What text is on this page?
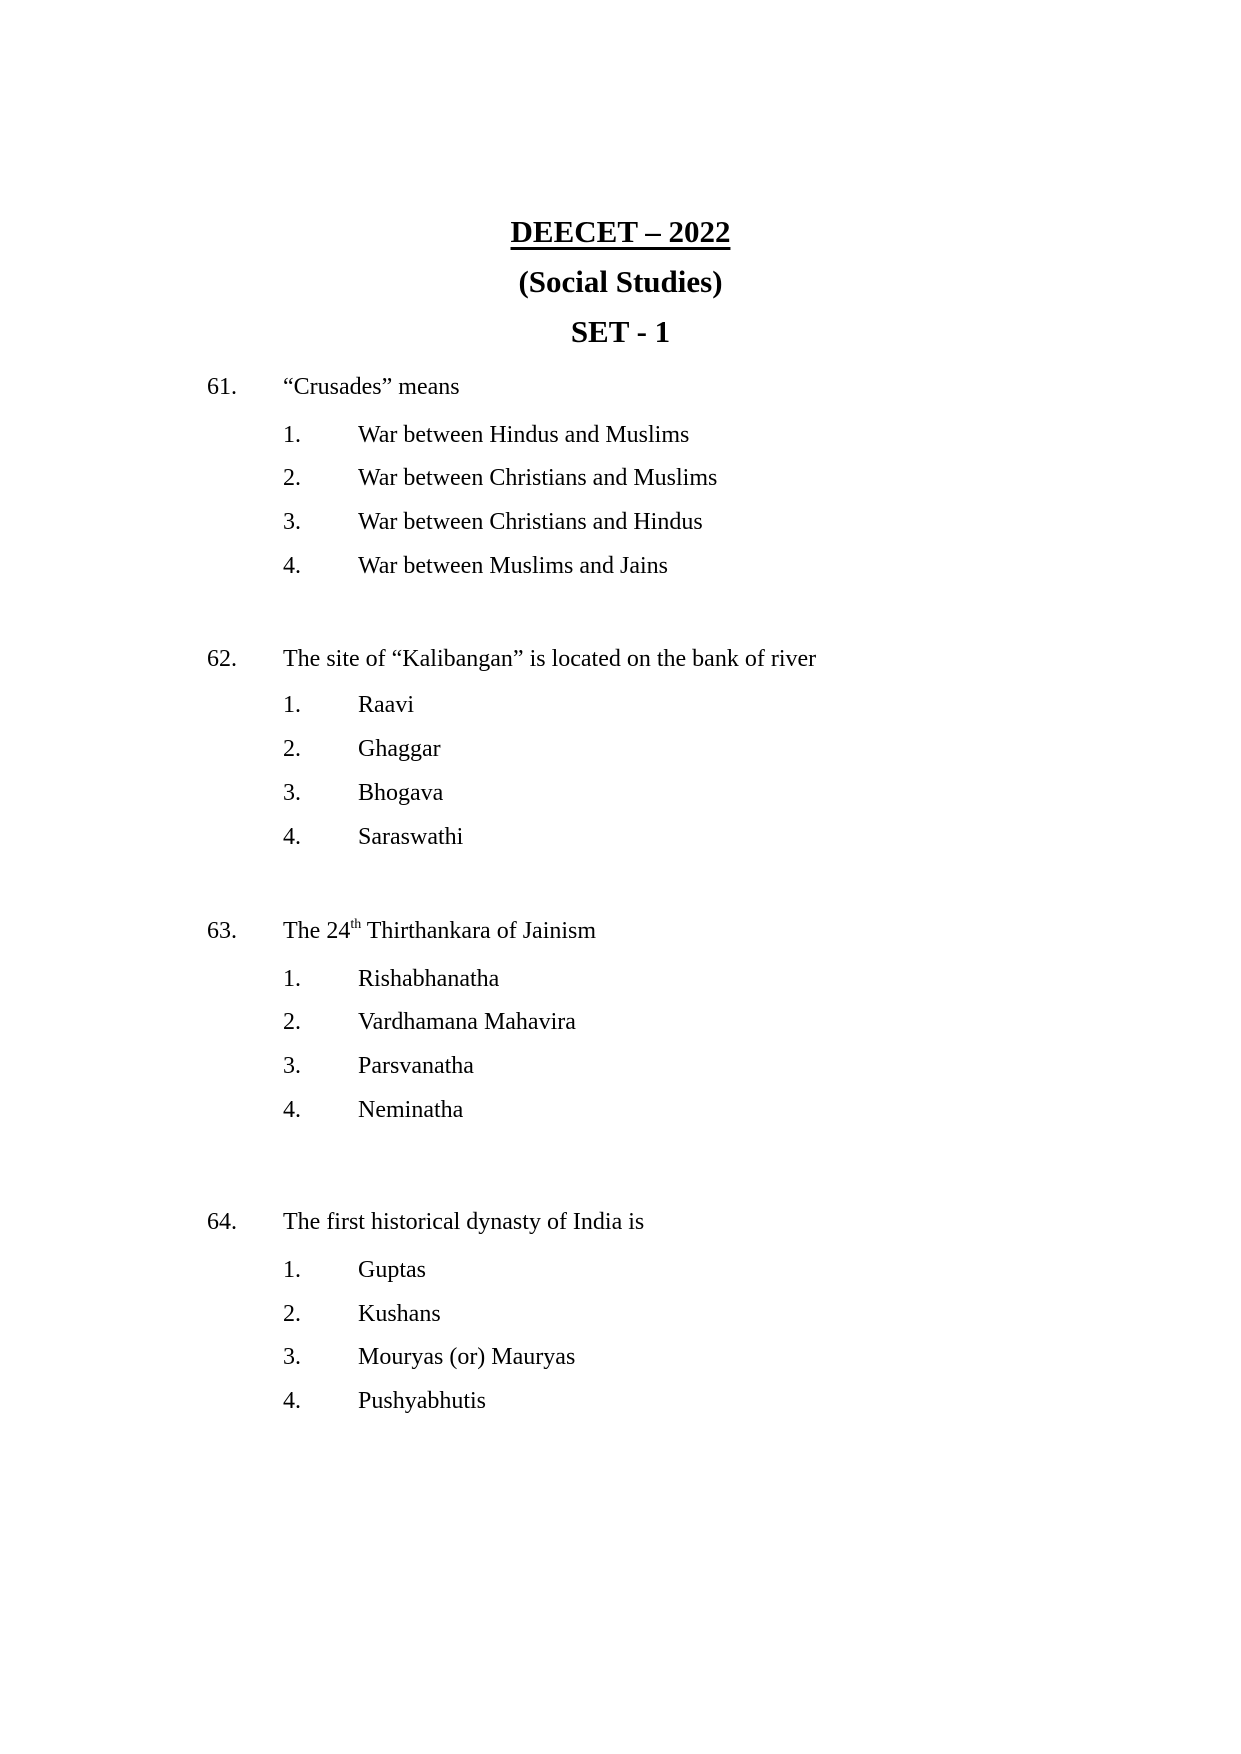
DEECET – 2022
(Social Studies)
SET - 1
61. “Crusades” means
1. War between Hindus and Muslims
2. War between Christians and Muslims
3. War between Christians and Hindus
4. War between Muslims and Jains
62. The site of “Kalibangan” is located on the bank of river
1. Raavi
2. Ghaggar
3. Bhogava
4. Saraswathi
63. The 24th Thirthankara of Jainism
1. Rishabhanatha
2. Vardhamana Mahavira
3. Parsvanatha
4. Neminatha
64. The first historical dynasty of India is
1. Guptas
2. Kushans
3. Mouryas (or) Mauryas
4. Pushyabhutis
